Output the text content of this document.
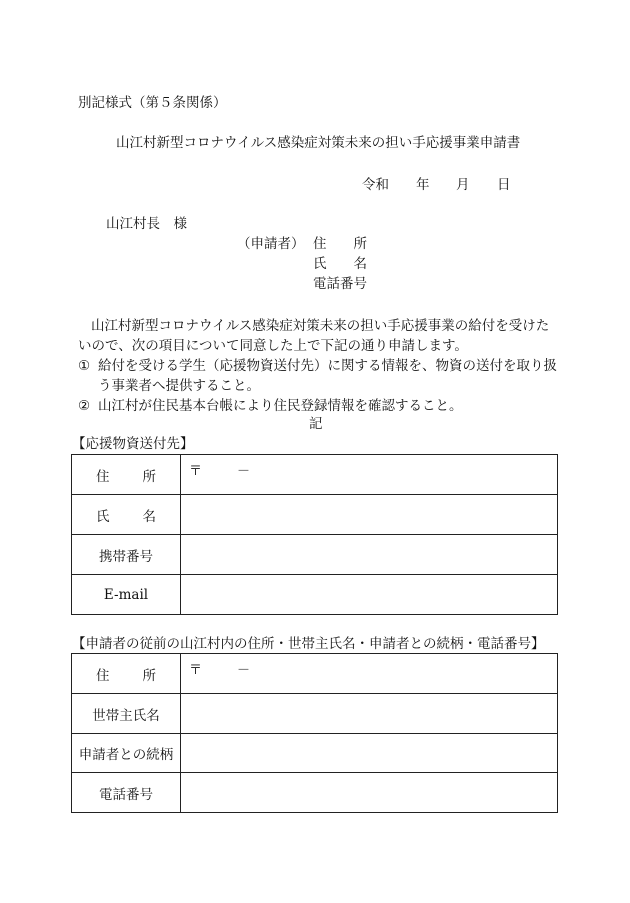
別記様式（第５条関係）
山江村新型コロナウイルス感染症対策未来の担い手応援事業申請書
令和 年 月 日
山江村長　様
（申請者） 住　　所
氏　　名
電話番号
山江村新型コロナウイルス感染症対策未来の担い手応援事業の給付を受けたいので、次の項目について同意した上で下記の通り申請します。
① 給付を受ける学生（応援物資送付先）に関する情報を、物資の送付を取り扱う事業者へ提供すること。
② 山江村が住民基本台帳により住民登録情報を確認すること。
記
【応援物資送付先】
住　　所	〒 －

氏　　名	
携帯番号	
E-mail	
【申請者の従前の山江村内の住所・世帯主氏名・申請者との続柄・電話番号】
住　　所	〒 －

世帯主氏名	
申請者との続柄	
電話番号	
